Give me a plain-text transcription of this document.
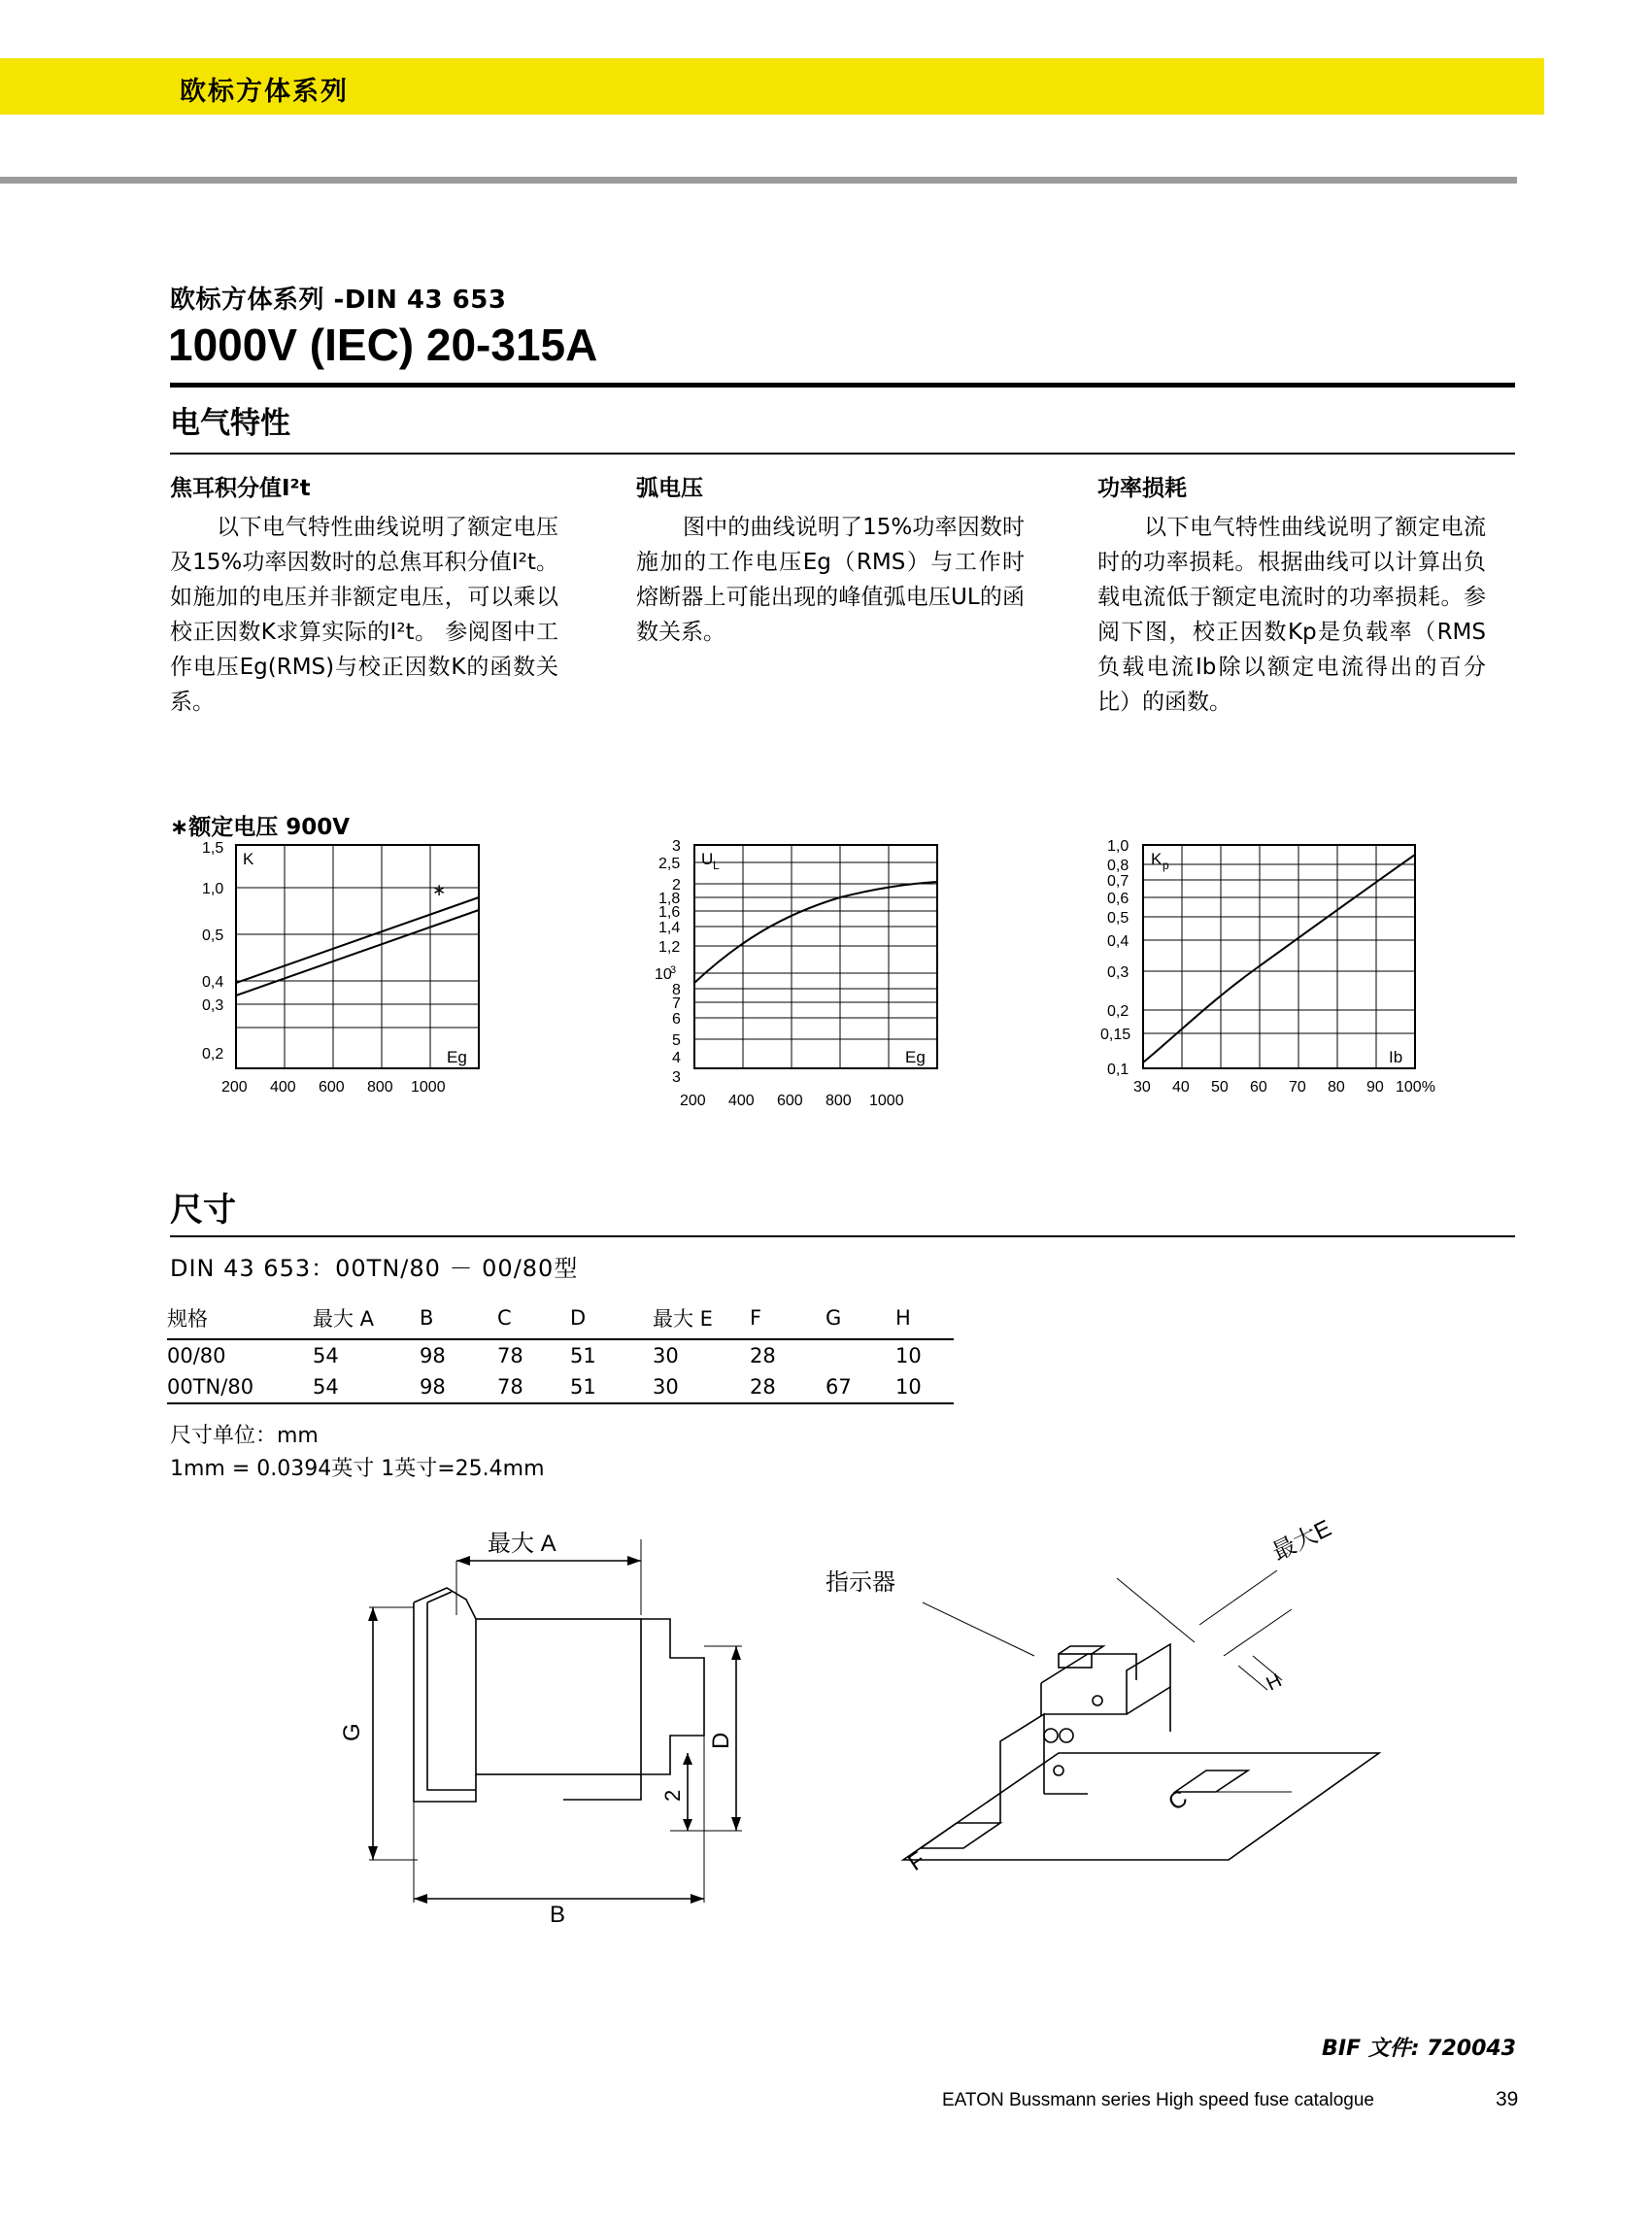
欧标方体系列
欧标方体系列 -DIN 43 653
1000V (IEC) 20-315A
电气特性
焦耳积分值I²t

以下电气特性曲线说明了额定电压及15%功率因数时的总焦耳积分值I²t。如施加的电压并非额定电压，可以乘以校正因数K求算实际的I²t。 参阅图中工作电压Eg(RMS)与校正因数K的函数关系。

弧电压

图中的曲线说明了15%功率因数时施加的工作电压Eg（RMS）与工作时熔断器上可能出现的峰值弧电压UL的函数关系。

功率损耗

以下电气特性曲线说明了额定电流时的功率损耗。根据曲线可以计算出负载电流低于额定电流时的功率损耗。参阅下图，校正因数Kp是负载率（RMS负载电流Ib除以额定电流得出的百分比）的函数。

∗额定电压 900V
K
Eg
∗
1,5
1,0
0,5
0,4
0,3
0,2
200 400 600 800 1000
U L
Eg
3
2,5
2
1,8
1,6
1,4
1,2
10
3
8
7
6
5
4
3
200 400 600 800 1000
K p
Ib
1,0
0,8
0,7
0,6
0,5
0,4
0,3
0,2
0,15
0,1
30 40 50 60 70 80 90 100%
尺寸
DIN 43 653：00TN/80 － 00/80型
规格	最大 A	B	C	D	最大 E	F	G	H
00/80	54	98	78	51	30	28		10
00TN/80	54	98	78	51	30	28	67	10
尺寸单位：mm
1mm = 0.0394英寸 1英寸=25.4mm
最大 A
B
G	D
2
指示器
最大E
H
C
F
BIF 文件: 720043
EATON Bussmann series High speed fuse catalogue	39
